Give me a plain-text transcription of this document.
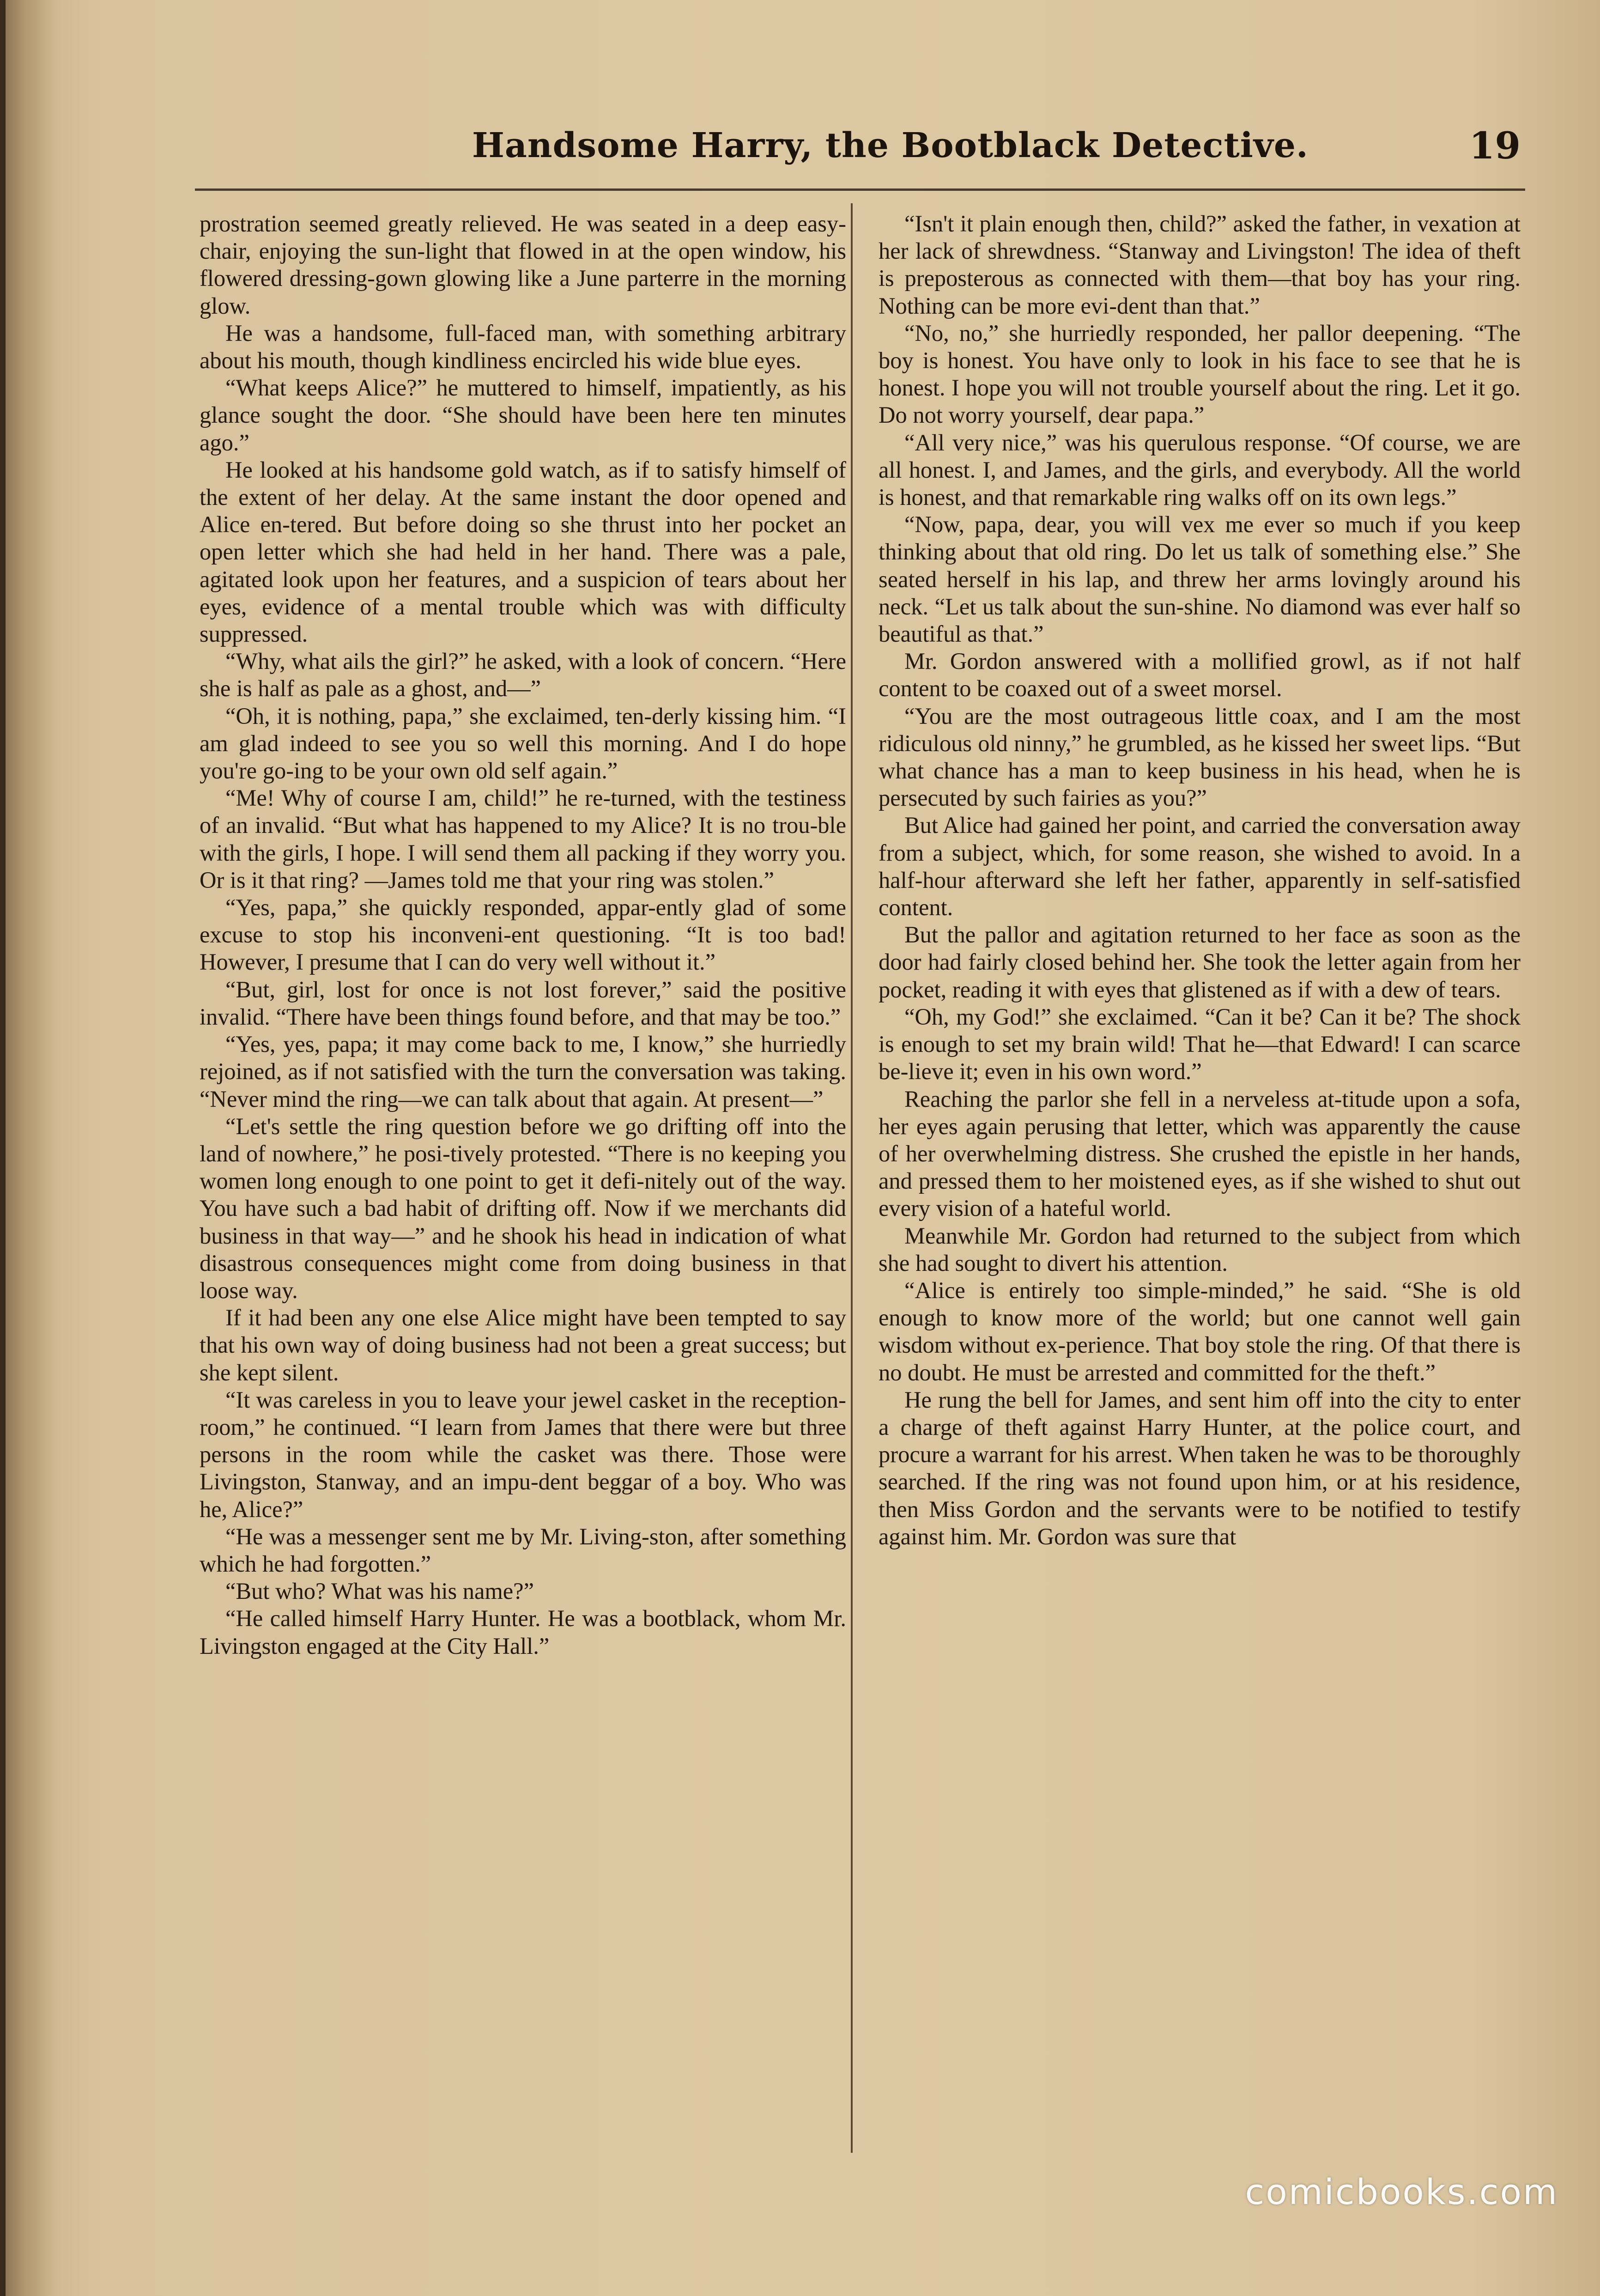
Handsome Harry, the Bootblack Detective.	19

prostration seemed greatly relieved. He was seated in a deep easy-chair, enjoying the sun-light that flowed in at the open window, his flowered dressing-gown glowing like a June parterre in the morning glow.

He was a handsome, full-faced man, with something arbitrary about his mouth, though kindliness encircled his wide blue eyes.

“What keeps Alice?” he muttered to himself, impatiently, as his glance sought the door. “She should have been here ten minutes ago.”

He looked at his handsome gold watch, as if to satisfy himself of the extent of her delay. At the same instant the door opened and Alice en-tered. But before doing so she thrust into her pocket an open letter which she had held in her hand. There was a pale, agitated look upon her features, and a suspicion of tears about her eyes, evidence of a mental trouble which was with difficulty suppressed.

“Why, what ails the girl?” he asked, with a look of concern. “Here she is half as pale as a ghost, and—”

“Oh, it is nothing, papa,” she exclaimed, ten-derly kissing him. “I am glad indeed to see you so well this morning. And I do hope you're go-ing to be your own old self again.”

“Me! Why of course I am, child!” he re-turned, with the testiness of an invalid. “But what has happened to my Alice? It is no trou-ble with the girls, I hope. I will send them all packing if they worry you. Or is it that ring? —James told me that your ring was stolen.”

“Yes, papa,” she quickly responded, appar-ently glad of some excuse to stop his inconveni-ent questioning. “It is too bad! However, I presume that I can do very well without it.”

“But, girl, lost for once is not lost forever,” said the positive invalid. “There have been things found before, and that may be too.”

“Yes, yes, papa; it may come back to me, I know,” she hurriedly rejoined, as if not satisfied with the turn the conversation was taking. “Never mind the ring—we can talk about that again. At present—”

“Let's settle the ring question before we go drifting off into the land of nowhere,” he posi-tively protested. “There is no keeping you women long enough to one point to get it defi-nitely out of the way. You have such a bad habit of drifting off. Now if we merchants did business in that way—” and he shook his head in indication of what disastrous consequences might come from doing business in that loose way.

If it had been any one else Alice might have been tempted to say that his own way of doing business had not been a great success; but she kept silent.

“It was careless in you to leave your jewel casket in the reception-room,” he continued. “I learn from James that there were but three persons in the room while the casket was there. Those were Livingston, Stanway, and an impu-dent beggar of a boy. Who was he, Alice?”

“He was a messenger sent me by Mr. Living-ston, after something which he had forgotten.”

“But who? What was his name?”

“He called himself Harry Hunter. He was a bootblack, whom Mr. Livingston engaged at the City Hall.”

“Isn't it plain enough then, child?” asked the father, in vexation at her lack of shrewdness. “Stanway and Livingston! The idea of theft is preposterous as connected with them—that boy has your ring. Nothing can be more evi-dent than that.”

“No, no,” she hurriedly responded, her pallor deepening. “The boy is honest. You have only to look in his face to see that he is honest. I hope you will not trouble yourself about the ring. Let it go. Do not worry yourself, dear papa.”

“All very nice,” was his querulous response. “Of course, we are all honest. I, and James, and the girls, and everybody. All the world is honest, and that remarkable ring walks off on its own legs.”

“Now, papa, dear, you will vex me ever so much if you keep thinking about that old ring. Do let us talk of something else.” She seated herself in his lap, and threw her arms lovingly around his neck. “Let us talk about the sun-shine. No diamond was ever half so beautiful as that.”

Mr. Gordon answered with a mollified growl, as if not half content to be coaxed out of a sweet morsel.

“You are the most outrageous little coax, and I am the most ridiculous old ninny,” he grumbled, as he kissed her sweet lips. “But what chance has a man to keep business in his head, when he is persecuted by such fairies as you?”

But Alice had gained her point, and carried the conversation away from a subject, which, for some reason, she wished to avoid. In a half-hour afterward she left her father, apparently in self-satisfied content.

But the pallor and agitation returned to her face as soon as the door had fairly closed behind her. She took the letter again from her pocket, reading it with eyes that glistened as if with a dew of tears.

“Oh, my God!” she exclaimed. “Can it be? Can it be? The shock is enough to set my brain wild! That he—that Edward! I can scarce be-lieve it; even in his own word.”

Reaching the parlor she fell in a nerveless at-titude upon a sofa, her eyes again perusing that letter, which was apparently the cause of her overwhelming distress. She crushed the epistle in her hands, and pressed them to her moistened eyes, as if she wished to shut out every vision of a hateful world.

Meanwhile Mr. Gordon had returned to the subject from which she had sought to divert his attention.

“Alice is entirely too simple-minded,” he said. “She is old enough to know more of the world; but one cannot well gain wisdom without ex-perience. That boy stole the ring. Of that there is no doubt. He must be arrested and committed for the theft.”

He rung the bell for James, and sent him off into the city to enter a charge of theft against Harry Hunter, at the police court, and procure a warrant for his arrest. When taken he was to be thoroughly searched. If the ring was not found upon him, or at his residence, then Miss Gordon and the servants were to be notified to testify against him. Mr. Gordon was sure that

comicbooks.com
